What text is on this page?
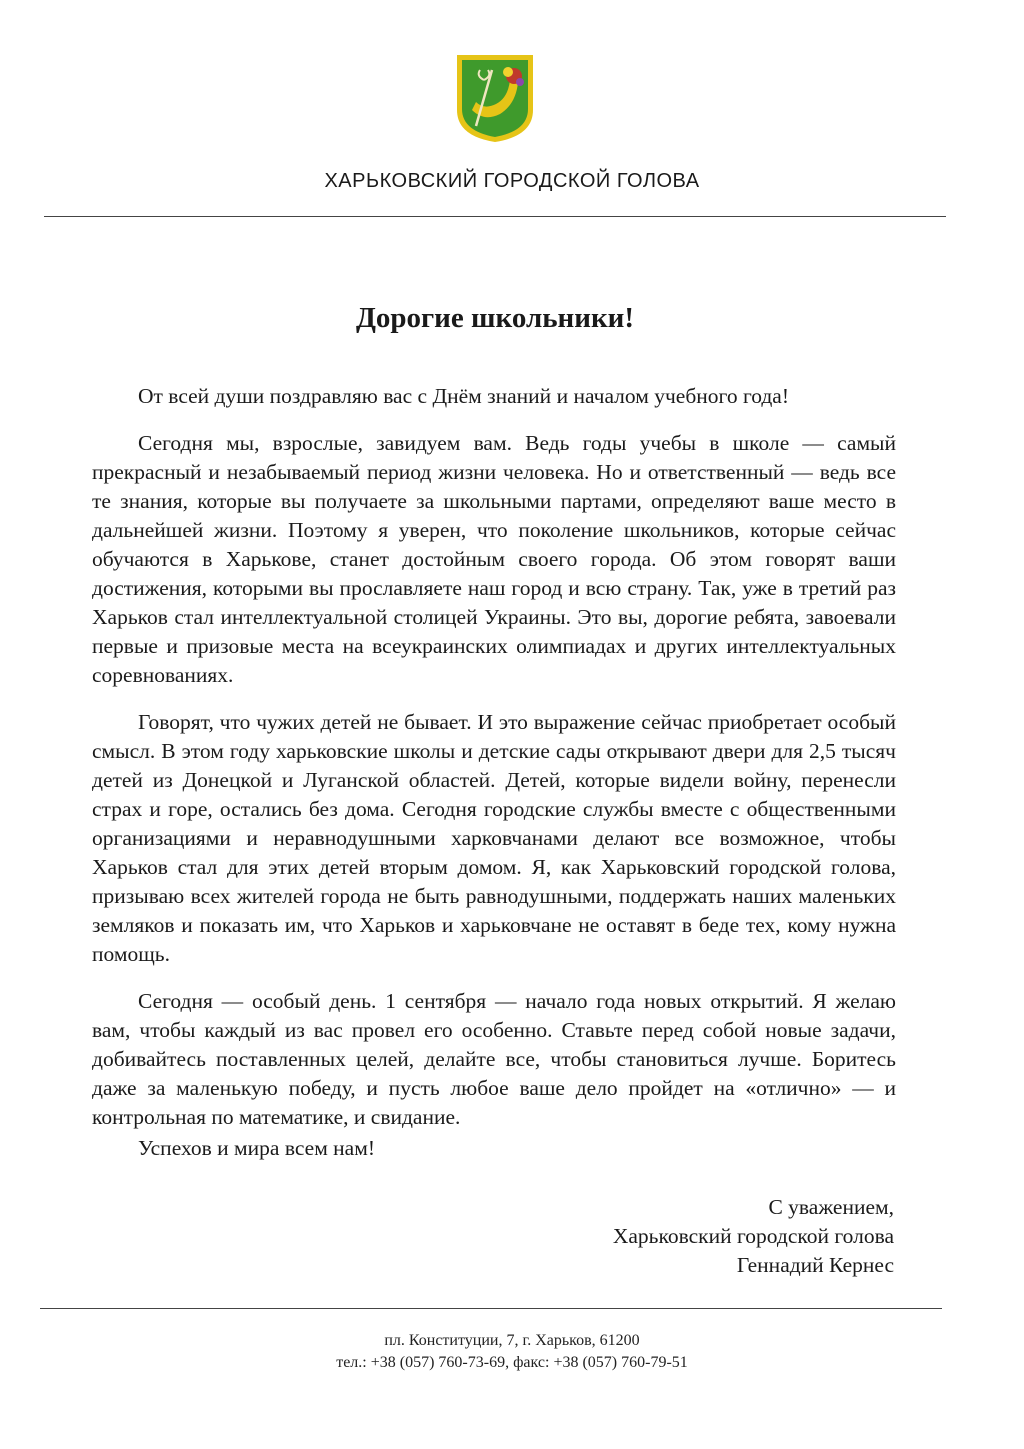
ХАРЬКОВСКИЙ ГОРОДСКОЙ ГОЛОВА
Дорогие школьники!

От всей души поздравляю вас с Днём знаний и началом учебного года!

Сегодня мы, взрослые, завидуем вам. Ведь годы учебы в школе — самый прекрасный и незабываемый период жизни человека. Но и ответственный — ведь все те знания, которые вы получаете за школьными партами, определяют ваше место в дальнейшей жизни. Поэтому я уверен, что поколение школьников, которые сейчас обучаются в Харькове, станет достойным своего города. Об этом говорят ваши достижения, которыми вы прославляете наш город и всю страну. Так, уже в третий раз Харьков стал интеллектуальной столицей Украины. Это вы, дорогие ребята, завоевали первые и призовые места на всеукраинских олимпиадах и других интеллектуальных соревнованиях.

Говорят, что чужих детей не бывает. И это выражение сейчас приобретает особый смысл. В этом году харьковские школы и детские сады открывают двери для 2,5 тысяч детей из Донецкой и Луганской областей. Детей, которые видели войну, перенесли страх и горе, остались без дома. Сегодня городские службы вместе с общественными организациями и неравнодушными харковчанами делают все возможное, чтобы Харьков стал для этих детей вторым домом. Я, как Харьковский городской голова, призываю всех жителей города не быть равнодушными, поддержать наших маленьких земляков и показать им, что Харьков и харьковчане не оставят в беде тех, кому нужна помощь.

Сегодня — особый день. 1 сентября — начало года новых открытий. Я желаю вам, чтобы каждый из вас провел его особенно. Ставьте перед собой новые задачи, добивайтесь поставленных целей, делайте все, чтобы становиться лучше. Боритесь даже за маленькую победу, и пусть любое ваше дело пройдет на «отлично» — и контрольная по математике, и свидание.

Успехов и мира всем нам!
С уважением,
Харьковский городской голова
Геннадий Кернес
пл. Конституции, 7, г. Харьков, 61200
тел.: +38 (057) 760-73-69, факс: +38 (057) 760-79-51
